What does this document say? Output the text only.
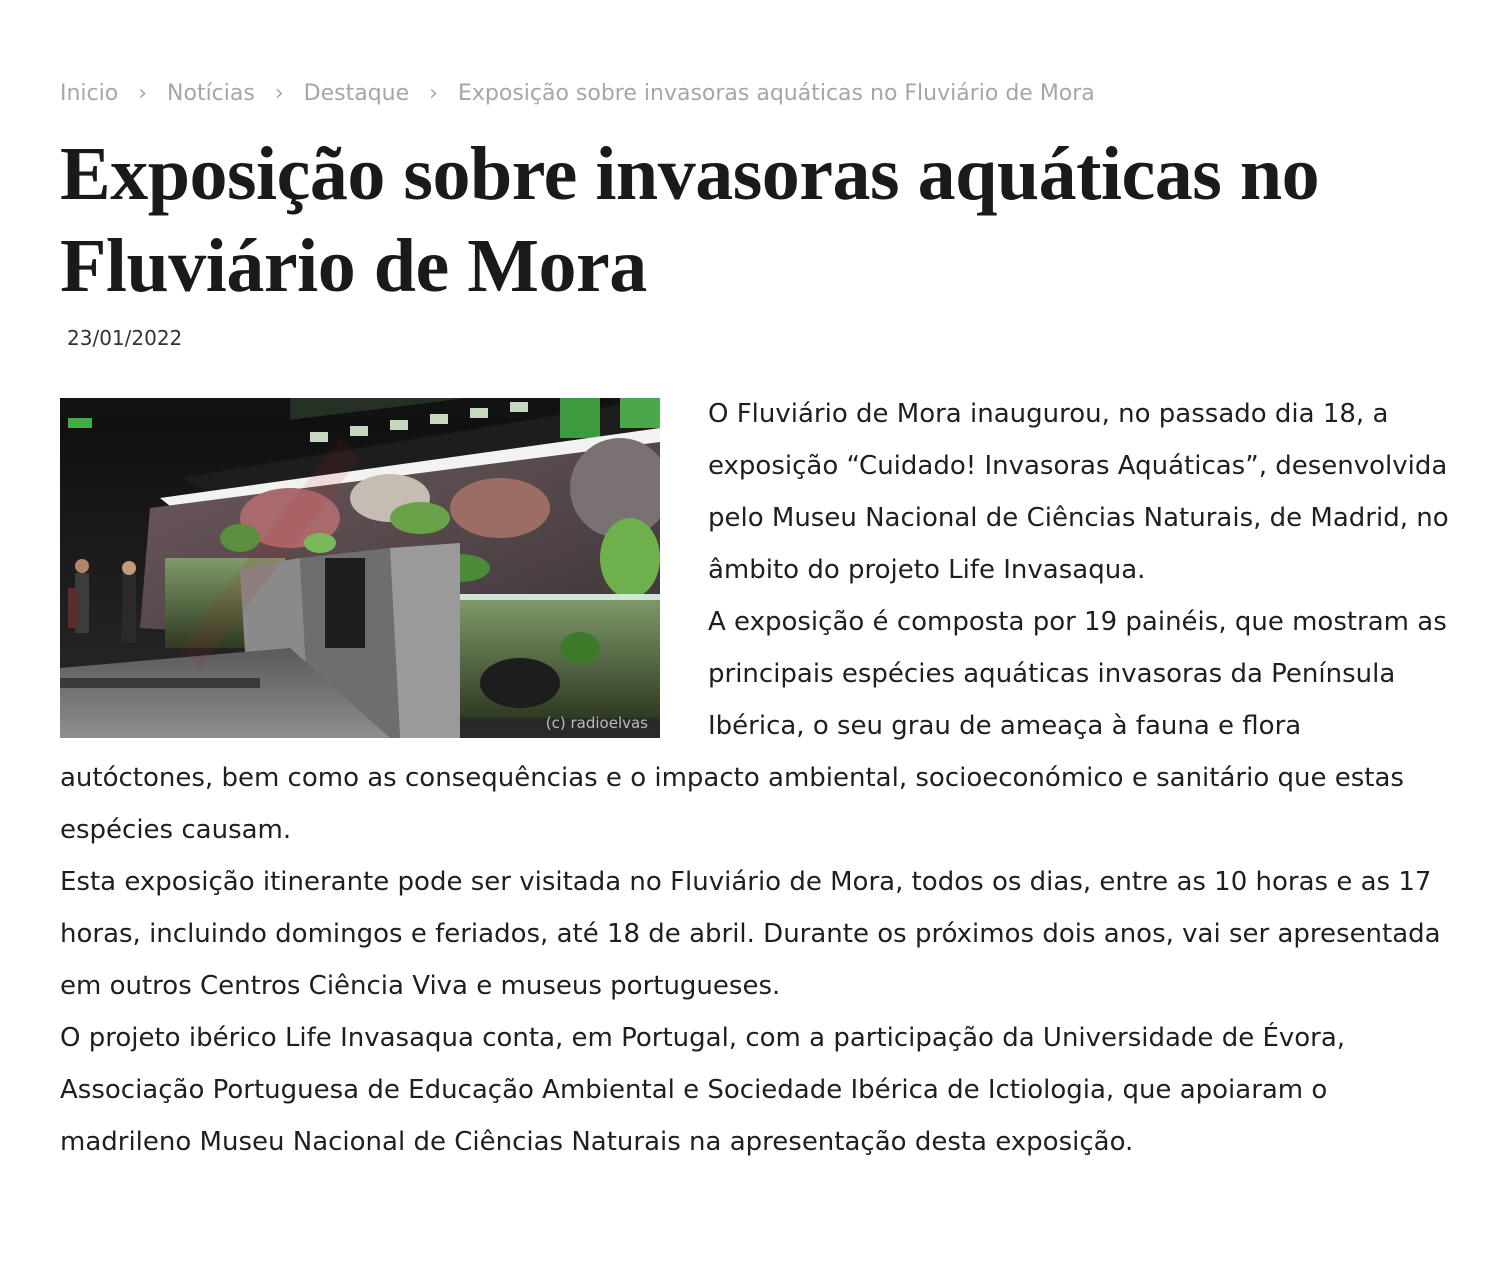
Inicio › Notícias › Destaque › Exposição sobre invasoras aquáticas no Fluviário de Mora
Exposição sobre invasoras aquáticas no Fluviário de Mora
23/01/2022
(c) radioelvas

O Fluviário de Mora inaugurou, no passado dia 18, a exposição “Cuidado! Invasoras Aquáticas”, desenvolvida pelo Museu Nacional de Ciências Naturais, de Madrid, no âmbito do projeto Life Invasaqua.

A exposição é composta por 19 painéis, que mostram as principais espécies aquáticas invasoras da Península Ibérica, o seu grau de ameaça à fauna e flora autóctones, bem como as consequências e o impacto ambiental, socioeconómico e sanitário que estas espécies causam.

Esta exposição itinerante pode ser visitada no Fluviário de Mora, todos os dias, entre as 10 horas e as 17 horas, incluindo domingos e feriados, até 18 de abril. Durante os próximos dois anos, vai ser apresentada em outros Centros Ciência Viva e museus portugueses.

O projeto ibérico Life Invasaqua conta, em Portugal, com a participação da Universidade de Évora, Associação Portuguesa de Educação Ambiental e Sociedade Ibérica de Ictiologia, que apoiaram o madrileno Museu Nacional de Ciências Naturais na apresentação desta exposição.
